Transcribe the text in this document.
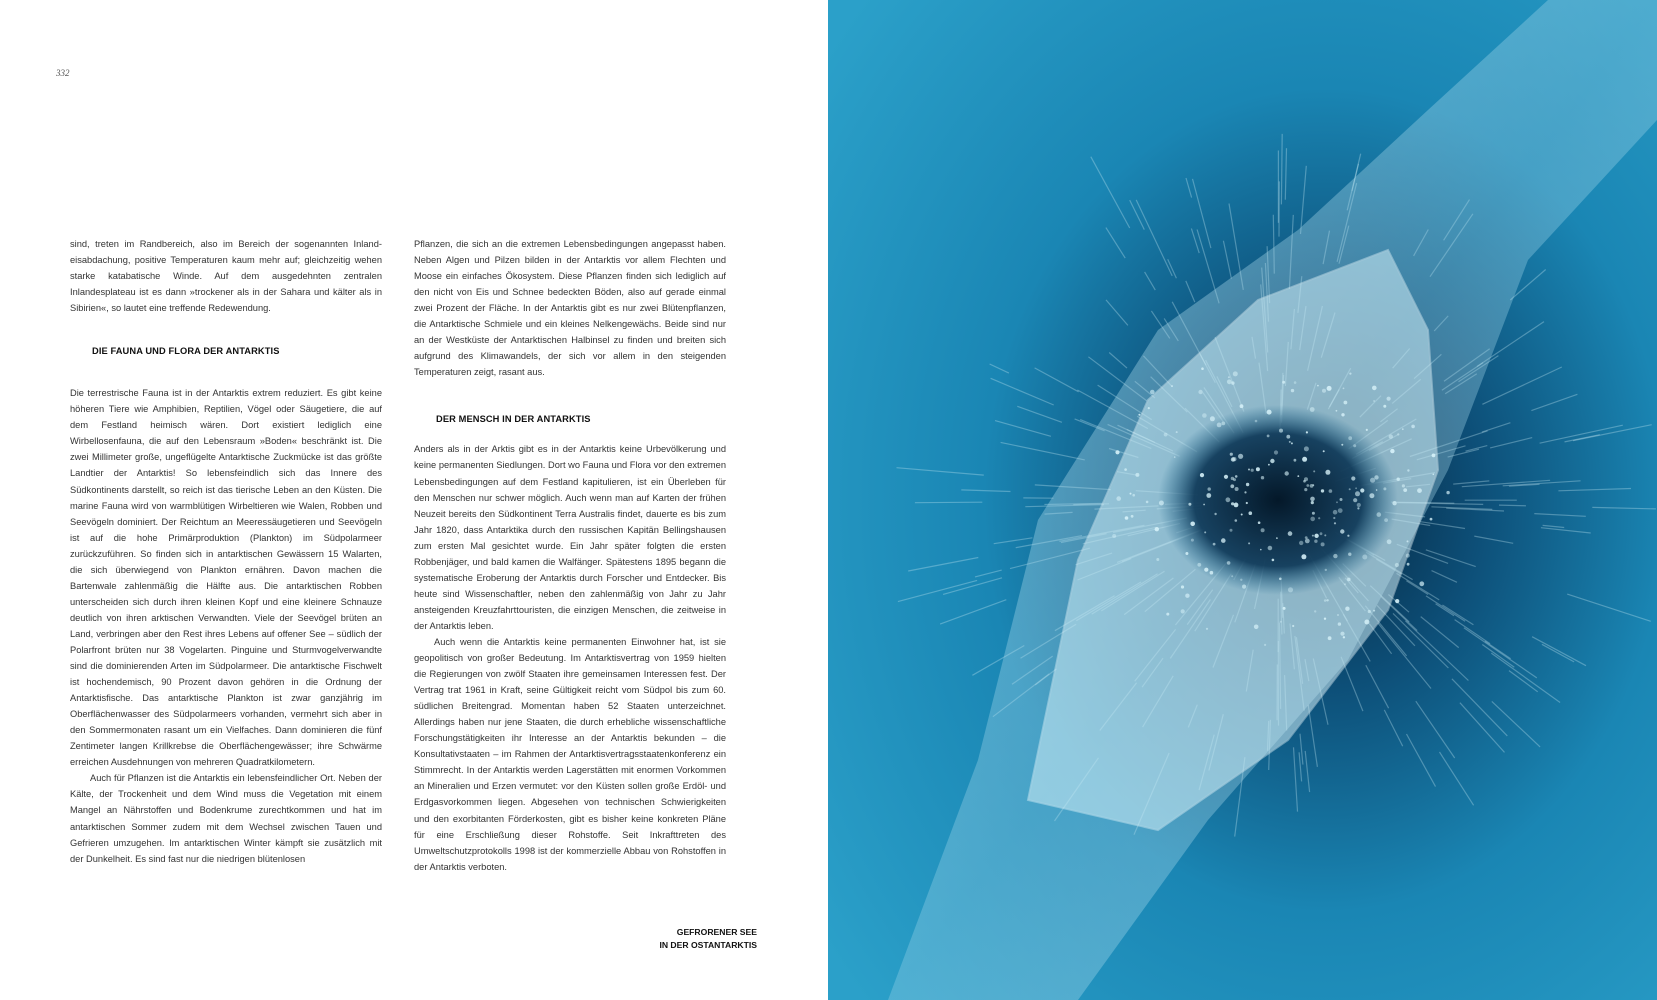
332

sind, treten im Randbereich, also im Bereich der sogenannten Inlandeisabdachung, positive Temperaturen kaum mehr auf; gleichzeitig wehen starke katabatische Winde. Auf dem ausgedehnten zentralen Inlandesplateau ist es dann »trockener als in der Sahara und kälter als in Sibirien«, so lautet eine treffende Redewendung.

DIE FAUNA UND FLORA DER ANTARKTIS

Die terrestrische Fauna ist in der Antarktis extrem reduziert. Es gibt keine höheren Tiere wie Amphibien, Reptilien, Vögel oder Säugetiere, die auf dem Festland heimisch wären. Dort existiert lediglich eine Wirbellosenfauna, die auf den Lebensraum »Boden« beschränkt ist. Die zwei Millimeter große, ungeflügelte Antarktische Zuckmücke ist das größte Landtier der Antarktis! So lebensfeindlich sich das Innere des Südkontinents darstellt, so reich ist das tierische Leben an den Küsten. Die marine Fauna wird von warmblütigen Wirbeltieren wie Walen, Robben und Seevögeln dominiert. Der Reichtum an Meeressäugetieren und Seevögeln ist auf die hohe Primärproduktion (Plankton) im Südpolarmeer zurückzuführen. So finden sich in antarktischen Gewässern 15 Walarten, die sich überwiegend von Plankton ernähren. Davon machen die Bartenwale zahlenmäßig die Hälfte aus. Die antarktischen Robben unterscheiden sich durch ihren kleinen Kopf und eine kleinere Schnauze deutlich von ihren arktischen Verwandten. Viele der Seevögel brüten an Land, verbringen aber den Rest ihres Lebens auf offener See – südlich der Polarfront brüten nur 38 Vogelarten. Pinguine und Sturmvogelverwandte sind die dominierenden Arten im Südpolarmeer. Die antarktische Fischwelt ist hochendemisch, 90 Prozent davon gehören in die Ordnung der Antarktisfische. Das antarktische Plankton ist zwar ganzjährig im Oberflächenwasser des Südpolarmeers vorhanden, vermehrt sich aber in den Sommermonaten rasant um ein Vielfaches. Dann dominieren die fünf Zentimeter langen Krillkrebse die Oberflächengewässer; ihre Schwärme erreichen Ausdehnungen von mehreren Quadratkilometern.

Auch für Pflanzen ist die Antarktis ein lebensfeindlicher Ort. Neben der Kälte, der Trockenheit und dem Wind muss die Vegetation mit einem Mangel an Nährstoffen und Bodenkrume zurechtkommen und hat im antarktischen Sommer zudem mit dem Wechsel zwischen Tauen und Gefrieren umzugehen. Im antarktischen Winter kämpft sie zusätzlich mit der Dunkelheit. Es sind fast nur die niedrigen blütenlosen

Pflanzen, die sich an die extremen Lebensbedingungen angepasst haben. Neben Algen und Pilzen bilden in der Antarktis vor allem Flechten und Moose ein einfaches Ökosystem. Diese Pflanzen finden sich lediglich auf den nicht von Eis und Schnee bedeckten Böden, also auf gerade einmal zwei Prozent der Fläche. In der Antarktis gibt es nur zwei Blütenpflanzen, die Antarktische Schmiele und ein kleines Nelkengewächs. Beide sind nur an der Westküste der Antarktischen Halbinsel zu finden und breiten sich aufgrund des Klimawandels, der sich vor allem in den steigenden Temperaturen zeigt, rasant aus.

DER MENSCH IN DER ANTARKTIS

Anders als in der Arktis gibt es in der Antarktis keine Urbevölkerung und keine permanenten Siedlungen. Dort wo Fauna und Flora vor den extremen Lebensbedingungen auf dem Festland kapitulieren, ist ein Überleben für den Menschen nur schwer möglich. Auch wenn man auf Karten der frühen Neuzeit bereits den Südkontinent Terra Australis findet, dauerte es bis zum Jahr 1820, dass Antarktika durch den russischen Kapitän Bellingshausen zum ersten Mal gesichtet wurde. Ein Jahr später folgten die ersten Robbenjäger, und bald kamen die Walfänger. Spätestens 1895 begann die systematische Eroberung der Antarktis durch Forscher und Entdecker. Bis heute sind Wissenschaftler, neben den zahlenmäßig von Jahr zu Jahr ansteigenden Kreuzfahrttouristen, die einzigen Menschen, die zeitweise in der Antarktis leben.

Auch wenn die Antarktis keine permanenten Einwohner hat, ist sie geopolitisch von großer Bedeutung. Im Antarktisvertrag von 1959 hielten die Regierungen von zwölf Staaten ihre gemeinsamen Interessen fest. Der Vertrag trat 1961 in Kraft, seine Gültigkeit reicht vom Südpol bis zum 60. südlichen Breitengrad. Momentan haben 52 Staaten unterzeichnet. Allerdings haben nur jene Staaten, die durch erhebliche wissenschaftliche Forschungstätigkeiten ihr Interesse an der Antarktis bekunden – die Konsultativstaaten – im Rahmen der Antarktisvertragsstaatenkonferenz ein Stimmrecht. In der Antarktis werden Lagerstätten mit enormen Vorkommen an Mineralien und Erzen vermutet: vor den Küsten sollen große Erdöl- und Erdgasvorkommen liegen. Abgesehen von technischen Schwierigkeiten und den exorbitanten Förderkosten, gibt es bisher keine konkreten Pläne für eine Erschließung dieser Rohstoffe. Seit Inkrafttreten des Umweltschutzprotokolls 1998 ist der kommerzielle Abbau von Rohstoffen in der Antarktis verboten.

GEFRORENER SEE
IN DER OSTANTARKTIS
